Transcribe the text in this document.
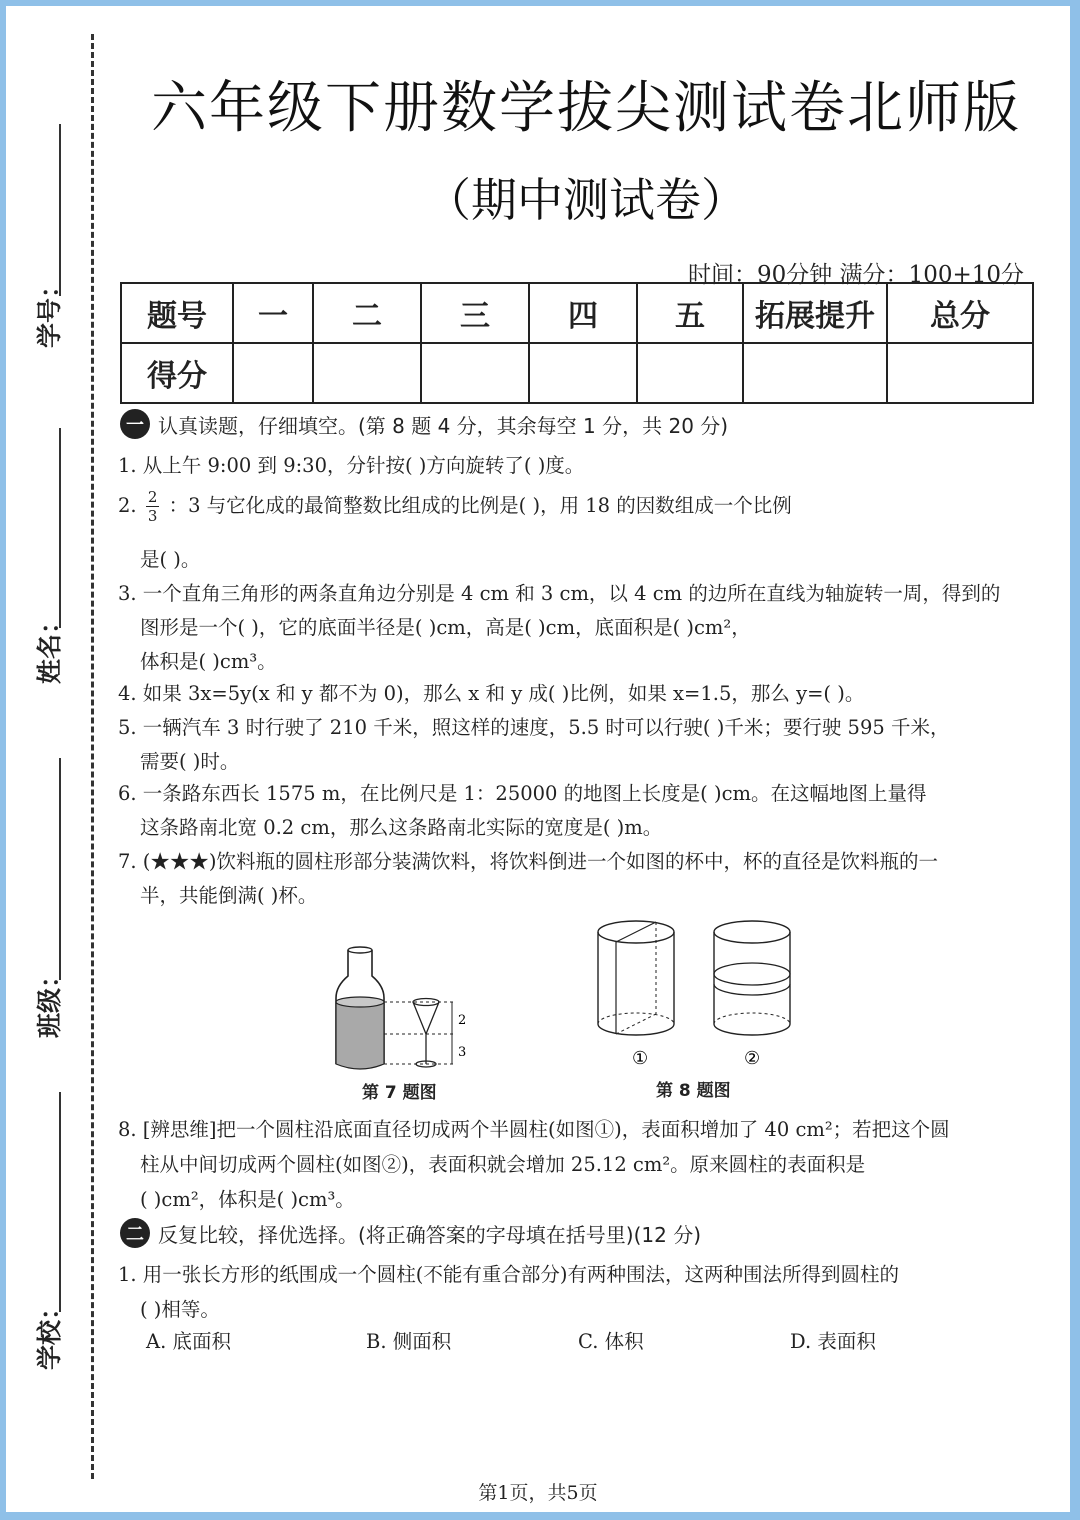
学号：
姓名：
班级：
学校：
六年级下册数学拔尖测试卷北师版
（期中测试卷）
时间：90分钟 满分：100+10分
题号	一	二	三	四	五	拓展提升	总分
得分							
一 认真读题，仔细填空。(第 8 题 4 分，其余每空 1 分，共 20 分)
1. 从上午 9:00 到 9:30，分针按( )方向旋转了( )度。
2. $\frac{2}{3}$ ：3 与它化成的最简整数比组成的比例是( )，用 18 的因数组成一个比例
是( )。
3. 一个直角三角形的两条直角边分别是 4 cm 和 3 cm，以 4 cm 的边所在直线为轴旋转一周，得到的
图形是一个( )，它的底面半径是( )cm，高是( )cm，底面积是( )cm²，
体积是( )cm³。
4. 如果 3x=5y(x 和 y 都不为 0)，那么 x 和 y 成( )比例，如果 x=1.5，那么 y=( )。
5. 一辆汽车 3 时行驶了 210 千米，照这样的速度，5.5 时可以行驶( )千米；要行驶 595 千米，
需要( )时。
6. 一条路东西长 1575 m，在比例尺是 1：25000 的地图上长度是( )cm。在这幅地图上量得
这条路南北宽 0.2 cm，那么这条路南北实际的宽度是( )m。
7. (★★★)饮料瓶的圆柱形部分装满饮料，将饮料倒进一个如图的杯中，杯的直径是饮料瓶的一
半，共能倒满( )杯。
2
3
第 7 题图
①	②
第 8 题图
8. [辨思维]把一个圆柱沿底面直径切成两个半圆柱(如图①)，表面积增加了 40 cm²；若把这个圆
柱从中间切成两个圆柱(如图②)，表面积就会增加 25.12 cm²。原来圆柱的表面积是
( )cm²，体积是( )cm³。
二 反复比较，择优选择。(将正确答案的字母填在括号里)(12 分)
1. 用一张长方形的纸围成一个圆柱(不能有重合部分)有两种围法，这两种围法所得到圆柱的
( )相等。
A. 底面积	B. 侧面积	C. 体积	D. 表面积
第1页，共5页
